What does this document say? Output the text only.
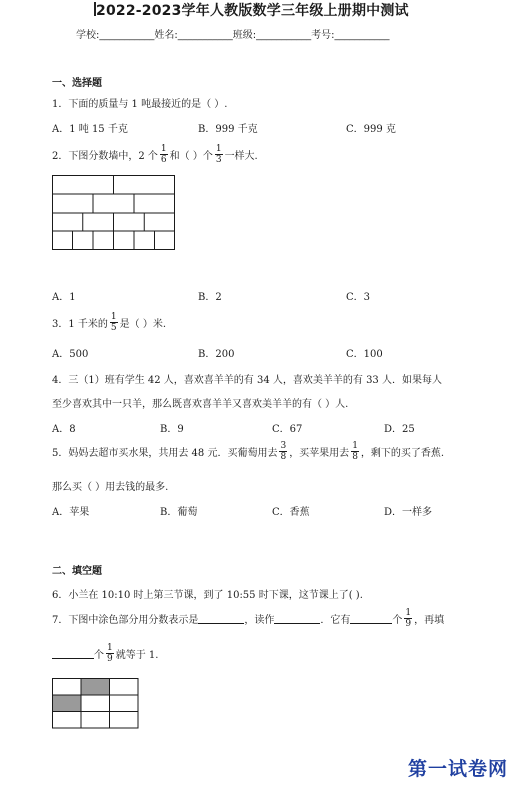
2022-2023学年人教版数学三年级上册期中测试
学校:___________姓名:___________班级:___________考号:___________
一、选择题
1．下面的质量与 1 吨最接近的是（ ）.
A．1 吨 15 千克	B．999 千克	C．999 克
2．下图分数墙中，2 个 $\frac{1}{6}$ 和（ ）个 $\frac{1}{3}$ 一样大.
A．1	B．2	C．3
3．1 千米的 $\frac{1}{5}$ 是（ ）米.
A．500	B．200	C．100
4．三（1）班有学生 42 人，喜欢喜羊羊的有 34 人，喜欢美羊羊的有 33 人．如果每人
至少喜欢其中一只羊，那么既喜欢喜羊羊又喜欢美羊羊的有（ ）人.
A．8	B．9	C．67	D．25
5．妈妈去超市买水果，共用去 48 元．买葡萄用去 $\frac{3}{8}$ ，买苹果用去 $\frac{1}{8}$ ，剩下的买了香蕉.
那么买（ ）用去钱的最多.
A．苹果	B．葡萄	C．香蕉	D．一样多
二、填空题
6．小兰在 10:10 时上第三节课，到了 10:55 时下课，这节课上了( ).
7．下图中涂色部分用分数表示是	，读作	．它有	个 $\frac{1}{9}$ ，再填
个 $\frac{1}{9}$ 就等于 1.
第一试卷网
